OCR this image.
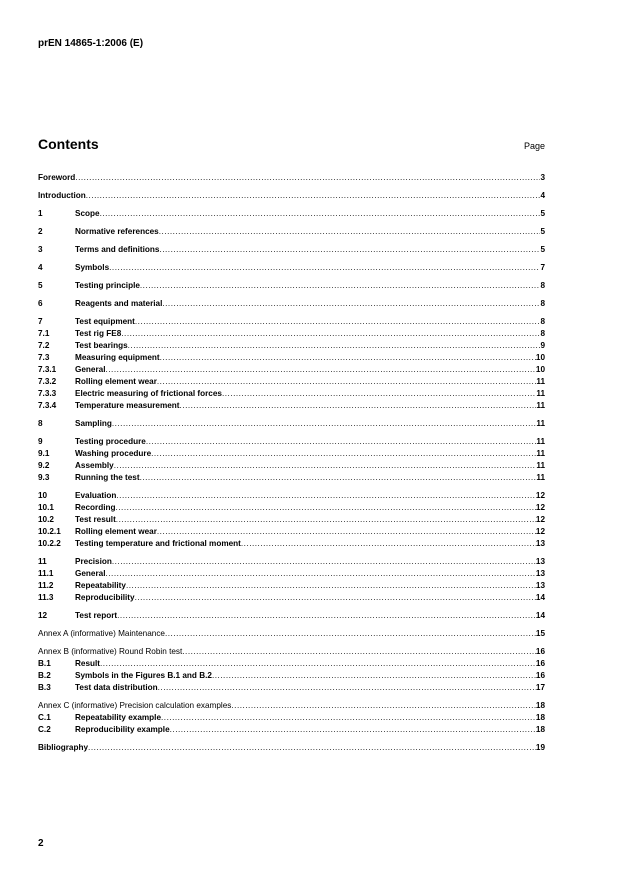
prEN 14865-1:2006 (E)
Contents	Page
Foreword .....	3
Introduction .....	4
1	Scope .....	5
2	Normative references .....	5
3	Terms and definitions .....	5
4	Symbols .....	7
5	Testing principle .....	8
6	Reagents and material .....	8
7	Test equipment .....	8
7.1	Test rig FE8 .....	8
7.2	Test bearings .....	9
7.3	Measuring equipment .....	10
7.3.1	General .....	10
7.3.2	Rolling element wear .....	11
7.3.3	Electric measuring of frictional forces .....	11
7.3.4	Temperature measurement .....	11
8	Sampling .....	11
9	Testing procedure .....	11
9.1	Washing procedure .....	11
9.2	Assembly .....	11
9.3	Running the test .....	11
10	Evaluation .....	12
10.1	Recording .....	12
10.2	Test result .....	12
10.2.1	Rolling element wear .....	12
10.2.2	Testing temperature and frictional moment .....	13
11	Precision .....	13
11.1	General .....	13
11.2	Repeatability .....	13
11.3	Reproducibility .....	14
12	Test report .....	14
Annex A (informative) Maintenance .....	15
Annex B (informative) Round Robin test .....	16
B.1	Result .....	16
B.2	Symbols in the Figures B.1 and B.2 .....	16
B.3	Test data distribution .....	17
Annex C (informative) Precision calculation examples .....	18
C.1	Repeatability example .....	18
C.2	Reproducibility example .....	18
Bibliography .....	19
2
